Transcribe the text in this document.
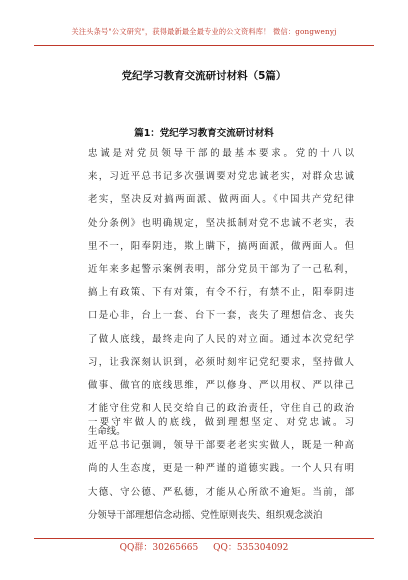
关注头条号"公文研究"，获得最新最全最专业的公文资料库！ 微信：gongwenyj
党纪学习教育交流研讨材料（5篇）
篇1：党纪学习教育交流研讨材料
忠诚是对党员领导干部的最基本要求。党的十八以
来，习近平总书记多次强调要对党忠诚老实，对群众忠诚
老实，坚决反对搞两面派、做两面人。《中国共产党纪律
处分条例》也明确规定，坚决抵制对党不忠诚不老实，表
里不一，阳奉阴违，欺上瞒下，搞两面派，做两面人。但
近年来多起警示案例表明，部分党员干部为了一己私利，
搞上有政策、下有对策，有令不行，有禁不止，阳奉阴违
口是心非，台上一套、台下一套，丧失了理想信念、丧失
了做人底线，最终走向了人民的对立面。通过本次党纪学
习，让我深刻认识到，必须时刻牢记党纪要求，坚持做人
做事、做官的底线思维，严以修身、严以用权、严以律己
才能守住党和人民交给自己的政治责任，守住自己的政治
生命线。
一要守牢做人的底线，做到理想坚定、对党忠诚。习
近平总书记强调，领导干部要老老实实做人，既是一种高
尚的人生态度，更是一种严谨的道德实践。一个人只有明
大德、守公德、严私德，才能从心所欲不逾矩。当前，部
分领导干部理想信念动摇、党性原则丧失、组织观念淡泊
QQ群：30265665 QQ：535304092
